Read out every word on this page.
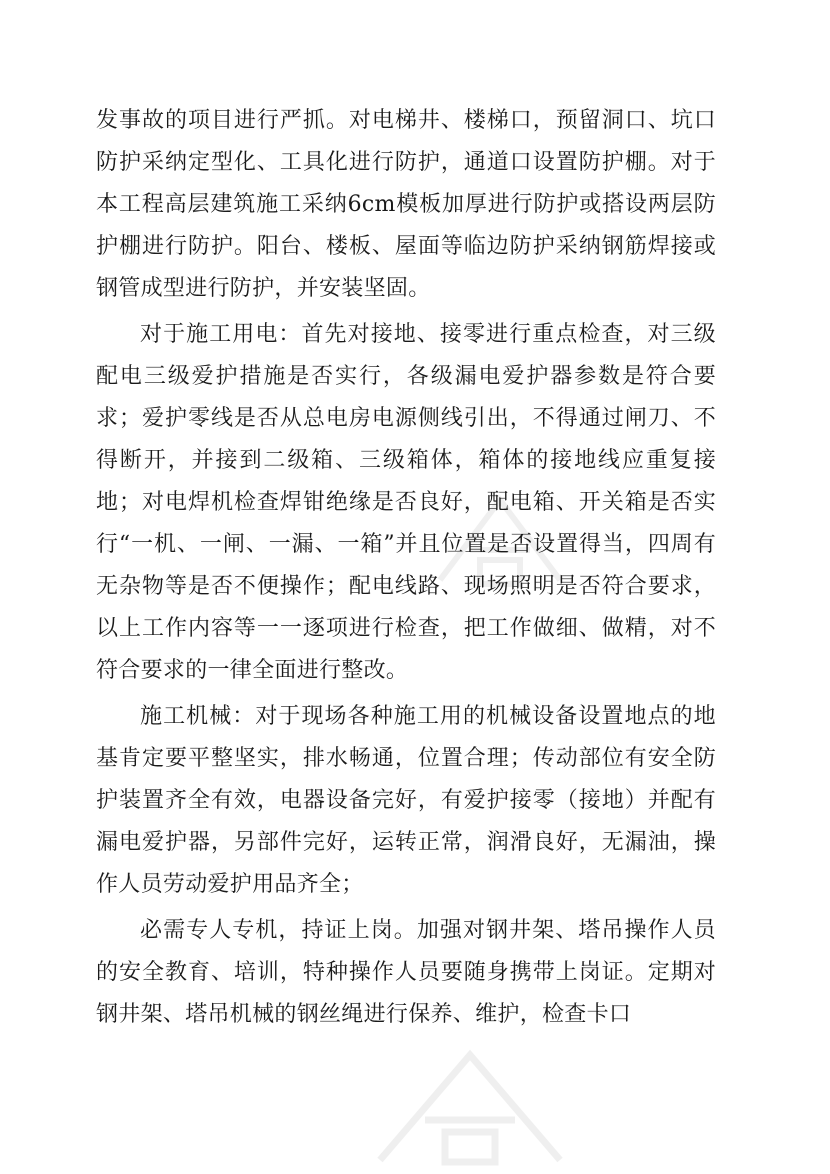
发事故的项目进行严抓。对电梯井、楼梯口，预留洞口、坑口防护采纳定型化、工具化进行防护，通道口设置防护棚。对于本工程高层建筑施工采纳6cm模板加厚进行防护或搭设两层防护棚进行防护。阳台、楼板、屋面等临边防护采纳钢筋焊接或钢管成型进行防护，并安装坚固。

对于施工用电：首先对接地、接零进行重点检查，对三级配电三级爱护措施是否实行，各级漏电爱护器参数是符合要求；爱护零线是否从总电房电源侧线引出，不得通过闸刀、不得断开，并接到二级箱、三级箱体，箱体的接地线应重复接地；对电焊机检查焊钳绝缘是否良好，配电箱、开关箱是否实行“一机、一闸、一漏、一箱”并且位置是否设置得当，四周有无杂物等是否不便操作；配电线路、现场照明是否符合要求，以上工作内容等一一逐项进行检查，把工作做细、做精，对不符合要求的一律全面进行整改。

施工机械：对于现场各种施工用的机械设备设置地点的地基肯定要平整坚实，排水畅通，位置合理；传动部位有安全防护装置齐全有效，电器设备完好，有爱护接零（接地）并配有漏电爱护器，另部件完好，运转正常，润滑良好，无漏油，操作人员劳动爱护用品齐全；

必需专人专机，持证上岗。加强对钢井架、塔吊操作人员的安全教育、培训，特种操作人员要随身携带上岗证。定期对钢井架、塔吊机械的钢丝绳进行保养、维护，检查卡口
